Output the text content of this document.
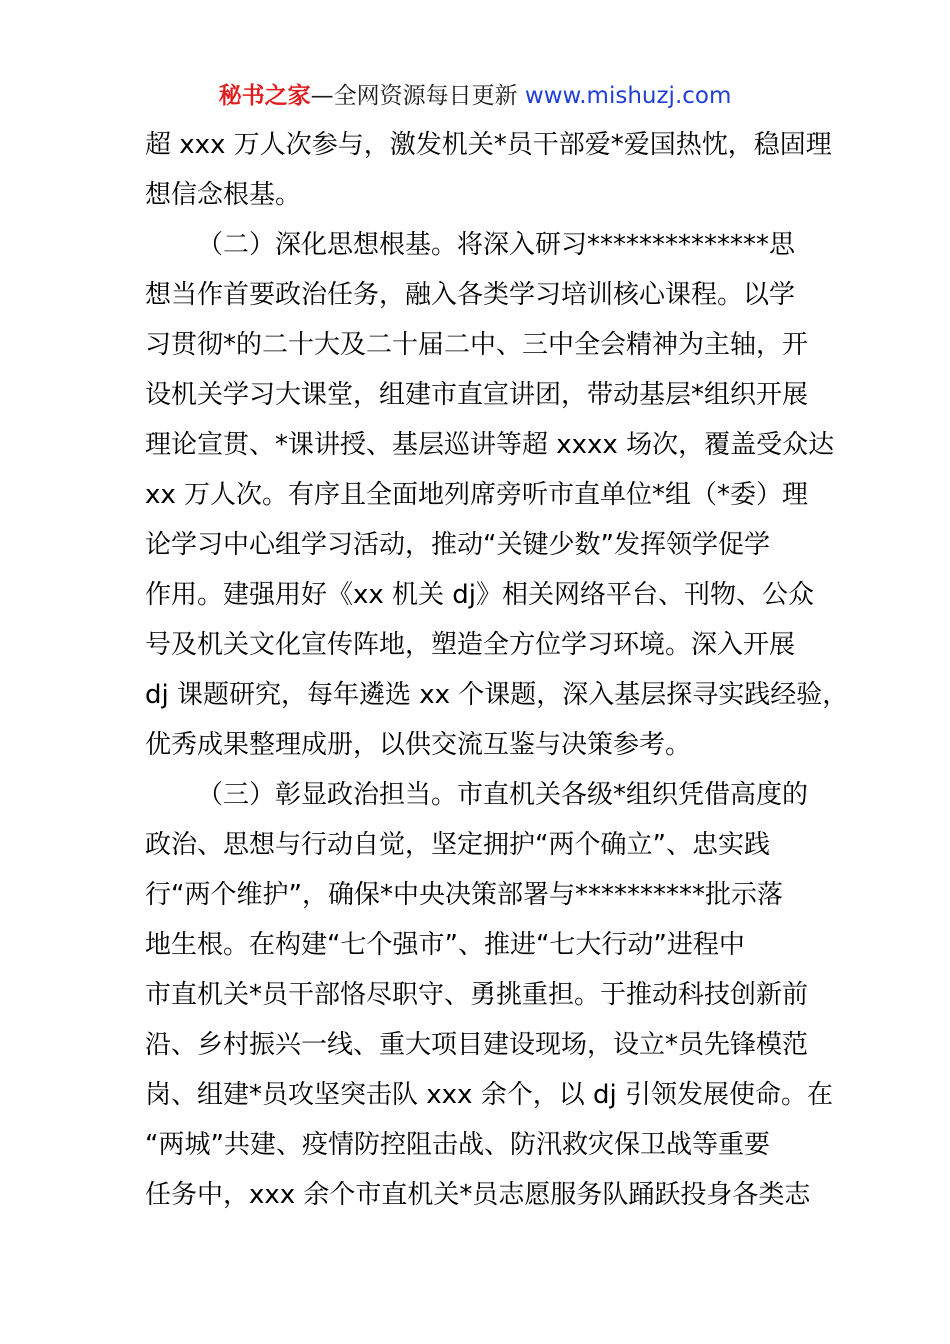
秘书之家—全网资源每日更新 www.mishuzj.com
超 xxx 万人次参与，激发机关*员干部爱*爱国热忱，稳固理
想信念根基。
（二）深化思想根基。将深入研习**************思
想当作首要政治任务，融入各类学习培训核心课程。以学
习贯彻*的二十大及二十届二中、三中全会精神为主轴，开
设机关学习大课堂，组建市直宣讲团，带动基层*组织开展
理论宣贯、*课讲授、基层巡讲等超 xxxx 场次，覆盖受众达
xx 万人次。有序且全面地列席旁听市直单位*组（*委）理
论学习中心组学习活动，推动“关键少数”发挥领学促学
作用。建强用好《xx 机关 dj》相关网络平台、刊物、公众
号及机关文化宣传阵地，塑造全方位学习环境。深入开展
dj 课题研究，每年遴选 xx 个课题，深入基层探寻实践经验，
优秀成果整理成册，以供交流互鉴与决策参考。
（三）彰显政治担当。市直机关各级*组织凭借高度的
政治、思想与行动自觉，坚定拥护“两个确立”、忠实践
行“两个维护”，确保*中央决策部署与**********批示落
地生根。在构建“七个强市”、推进“七大行动”进程中
市直机关*员干部恪尽职守、勇挑重担。于推动科技创新前
沿、乡村振兴一线、重大项目建设现场，设立*员先锋模范
岗、组建*员攻坚突击队 xxx 余个，以 dj 引领发展使命。在
“两城”共建、疫情防控阻击战、防汛救灾保卫战等重要
任务中，xxx 余个市直机关*员志愿服务队踊跃投身各类志
